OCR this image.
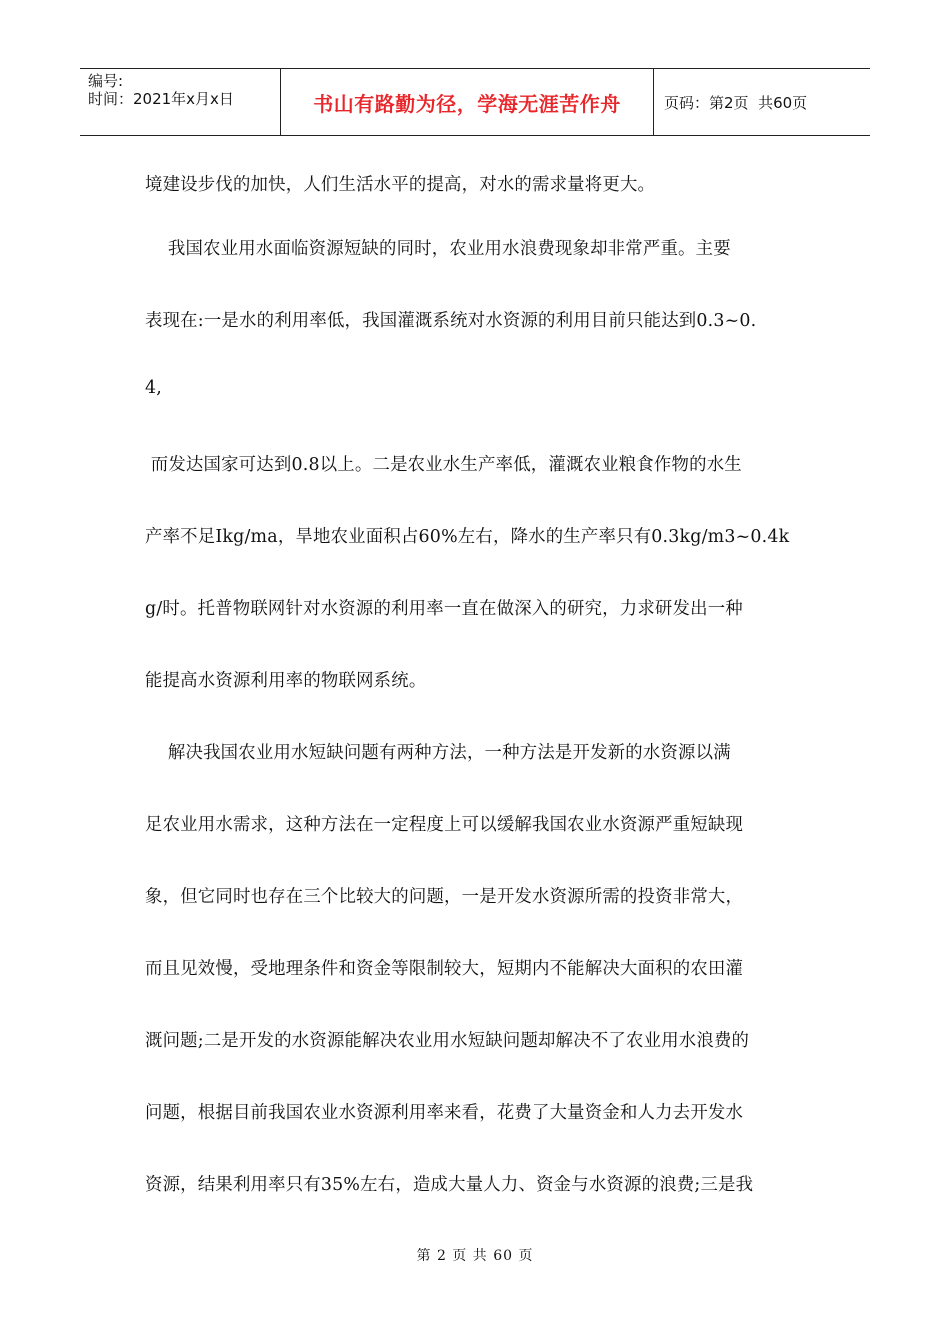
编号:
时间：2021年x月x日	书山有路勤为径，学海无涯苦作舟	页码：第2页  共60页
境建设步伐的加快，人们生活水平的提高，对水的需求量将更大。
我国农业用水面临资源短缺的同时，农业用水浪费现象却非常严重。主要
表现在:一是水的利用率低，我国灌溉系统对水资源的利用目前只能达到0.3~0.
4,
而发达国家可达到0.8以上。二是农业水生产率低，灌溉农业粮食作物的水生
产率不足Ikg/ma，旱地农业面积占60%左右，降水的生产率只有0.3kg/m3~0.4k
g/时。托普物联网针对水资源的利用率一直在做深入的研究，力求研发出一种
能提高水资源利用率的物联网系统。
解决我国农业用水短缺问题有两种方法，一种方法是开发新的水资源以满
足农业用水需求，这种方法在一定程度上可以缓解我国农业水资源严重短缺现
象，但它同时也存在三个比较大的问题，一是开发水资源所需的投资非常大，
而且见效慢，受地理条件和资金等限制较大，短期内不能解决大面积的农田灌
溉问题;二是开发的水资源能解决农业用水短缺问题却解决不了农业用水浪费的
问题，根据目前我国农业水资源利用率来看，花费了大量资金和人力去开发水
资源，结果利用率只有35%左右，造成大量人力、资金与水资源的浪费;三是我
第 2 页 共 60 页
